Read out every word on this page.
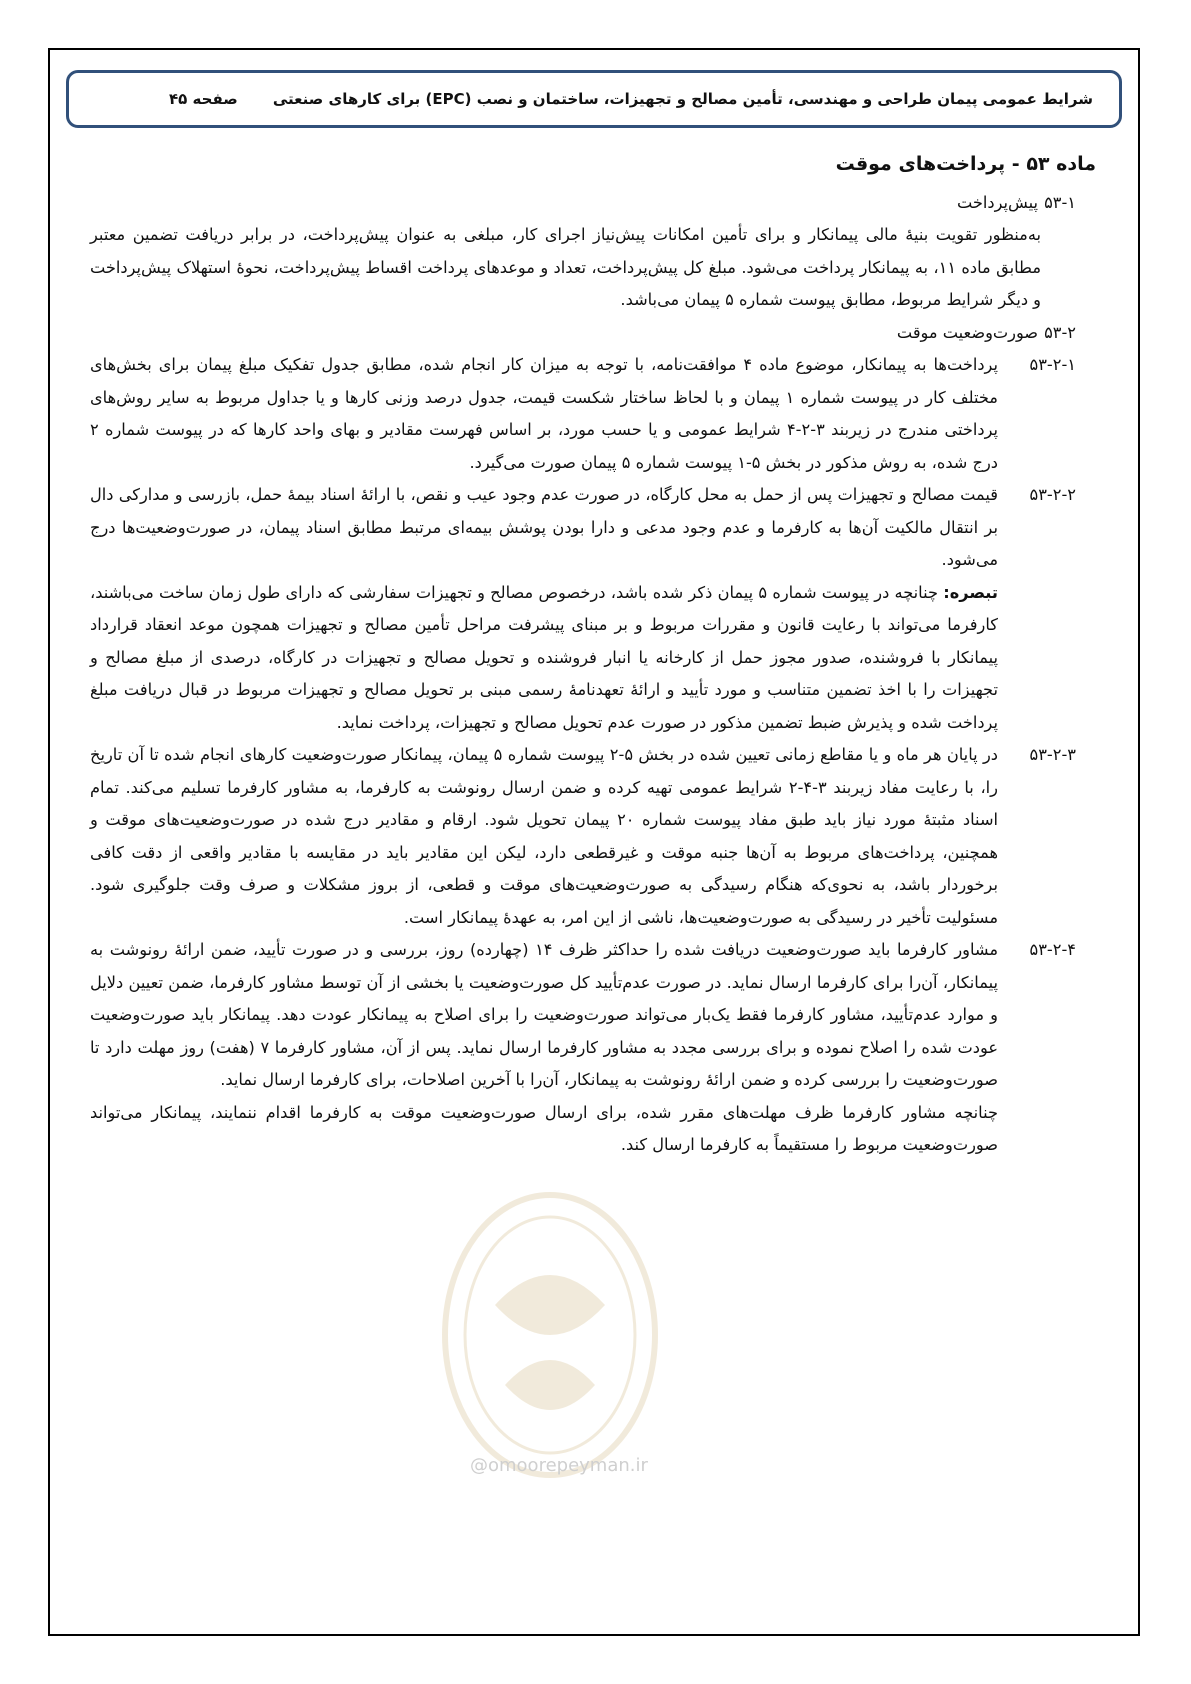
شرایط عمومی پیمان طراحی و مهندسی، تأمین مصالح و تجهیزات، ساختمان و نصب (EPC) برای کارهای صنعتی
صفحه ۴۵
@omoorepeyman.ir
ماده ۵۳ - پرداخت‌های موقت
۵۳-۱
پیش‌پرداخت

به‌منظور تقویت بنیۀ مالی پیمانکار و برای تأمین امکانات پیش‌نیاز اجرای کار، مبلغی به عنوان پیش‌پرداخت، در برابر دریافت تضمین معتبر مطابق ماده ۱۱، به پیمانکار پرداخت می‌شود. مبلغ کل پیش‌پرداخت، تعداد و موعدهای پرداخت اقساط پیش‌پرداخت، نحوۀ استهلاک پیش‌پرداخت و دیگر شرایط مربوط، مطابق پیوست شماره ۵ پیمان می‌باشد.

۵۳-۲
صورت‌وضعیت موقت
۵۳-۲-۱
پرداخت‌ها به پیمانکار، موضوع ماده ۴ موافقت‌نامه، با توجه به میزان کار انجام شده، مطابق جدول تفکیک مبلغ پیمان برای بخش‌های مختلف کار در پیوست شماره ۱ پیمان و با لحاظ ساختار شکست قیمت، جدول درصد وزنی کارها و یا جداول مربوط به سایر روش‌های پرداختی مندرج در زیربند ۳-۲-۴ شرایط عمومی و یا حسب مورد، بر اساس فهرست مقادیر و بهای واحد کارها که در پیوست شماره ۲ درج شده، به روش مذکور در بخش ۵-۱ پیوست شماره ۵ پیمان صورت می‌گیرد.
۵۳-۲-۲
قیمت مصالح و تجهیزات پس از حمل به محل کارگاه، در صورت عدم وجود عیب و نقص، با ارائۀ اسناد بیمۀ حمل، بازرسی و مدارکی دال بر انتقال مالکیت آن‌ها به کارفرما و عدم وجود مدعی و دارا بودن پوشش بیمه‌ای مرتبط مطابق اسناد پیمان، در صورت‌وضعیت‌ها درج می‌شود.

تبصره: چنانچه در پیوست شماره ۵ پیمان ذکر شده باشد، درخصوص مصالح و تجهیزات سفارشی که دارای طول زمان ساخت می‌باشند، کارفرما می‌تواند با رعایت قانون و مقررات مربوط و بر مبنای پیشرفت مراحل تأمین مصالح و تجهیزات همچون موعد انعقاد قرارداد پیمانکار با فروشنده، صدور مجوز حمل از کارخانه یا انبار فروشنده و تحویل مصالح و تجهیزات در کارگاه، درصدی از مبلغ مصالح و تجهیزات را با اخذ تضمین متناسب و مورد تأیید و ارائۀ تعهدنامۀ رسمی مبنی بر تحویل مصالح و تجهیزات مربوط در قبال دریافت مبلغ پرداخت شده و پذیرش ضبط تضمین مذکور در صورت عدم تحویل مصالح و تجهیزات، پرداخت نماید.

۵۳-۲-۳
در پایان هر ماه و یا مقاطع زمانی تعیین شده در بخش ۵-۲ پیوست شماره ۵ پیمان، پیمانکار صورت‌وضعیت کارهای انجام شده تا آن تاریخ را، با رعایت مفاد زیربند ۳-۴-۲ شرایط عمومی تهیه کرده و ضمن ارسال رونوشت به کارفرما، به مشاور کارفرما تسلیم می‌کند. تمام اسناد مثبتۀ مورد نیاز باید طبق مفاد پیوست شماره ۲۰ پیمان تحویل شود. ارقام و مقادیر درج شده در صورت‌وضعیت‌های موقت و همچنین، پرداخت‌های مربوط به آن‌ها جنبه موقت و غیرقطعی دارد، لیکن این مقادیر باید در مقایسه با مقادیر واقعی از دقت کافی برخوردار باشد، به نحوی‌که هنگام رسیدگی به صورت‌وضعیت‌های موقت و قطعی، از بروز مشکلات و صرف وقت جلوگیری شود. مسئولیت تأخیر در رسیدگی به صورت‌وضعیت‌ها، ناشی از این امر، به عهدۀ پیمانکار است.
۵۳-۲-۴
مشاور کارفرما باید صورت‌وضعیت دریافت شده را حداکثر ظرف ۱۴ (چهارده) روز، بررسی و در صورت تأیید، ضمن ارائۀ رونوشت به پیمانکار، آن‌را برای کارفرما ارسال نماید. در صورت عدم‌تأیید کل صورت‌وضعیت یا بخشی از آن توسط مشاور کارفرما، ضمن تعیین دلایل و موارد عدم‌تأیید، مشاور کارفرما فقط یک‌بار می‌تواند صورت‌وضعیت را برای اصلاح به پیمانکار عودت دهد. پیمانکار باید صورت‌وضعیت عودت شده را اصلاح نموده و برای بررسی مجدد به مشاور کارفرما ارسال نماید. پس از آن، مشاور کارفرما ۷ (هفت) روز مهلت دارد تا صورت‌وضعیت را بررسی کرده و ضمن ارائۀ رونوشت به پیمانکار، آن‌را با آخرین اصلاحات، برای کارفرما ارسال نماید.

چنانچه مشاور کارفرما ظرف مهلت‌های مقرر شده، برای ارسال صورت‌وضعیت موقت به کارفرما اقدام ننمایند، پیمانکار می‌تواند صورت‌وضعیت مربوط را مستقیماً به کارفرما ارسال کند.
